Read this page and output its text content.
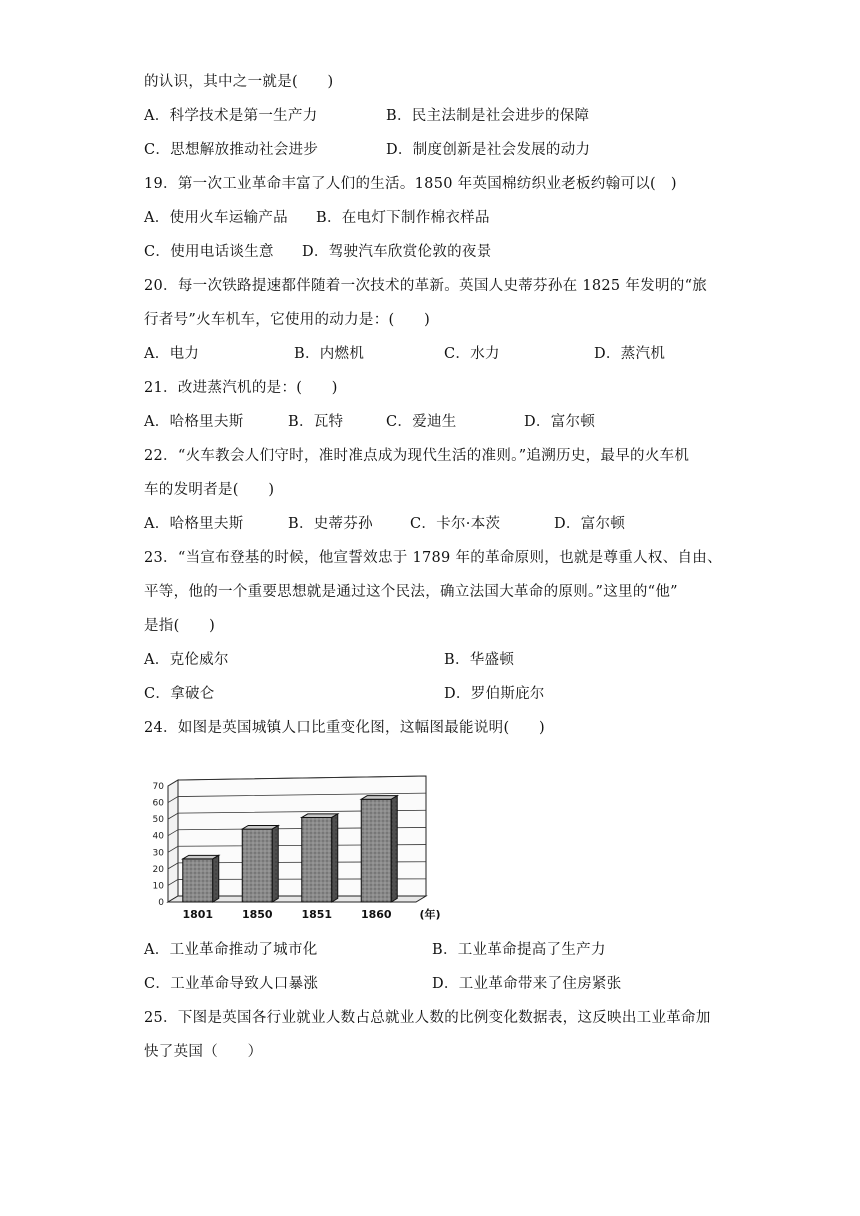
的认识，其中之一就是(　　)
A．科学技术是第一生产力	B．民主法制是社会进步的保障
C．思想解放推动社会进步	D．制度创新是社会发展的动力
19．第一次工业革命丰富了人们的生活。1850 年英国棉纺织业老板约翰可以(　)
A．使用火车运输产品 B．在电灯下制作棉衣样品
C．使用电话谈生意 D．驾驶汽车欣赏伦敦的夜景
20．每一次铁路提速都伴随着一次技术的革新。英国人史蒂芬孙在 1825 年发明的“旅
行者号”火车机车，它使用的动力是：(　　)
A．电力	B．内燃机	C．水力	D．蒸汽机
21．改进蒸汽机的是：(　　)
A．哈格里夫斯	B．瓦特	C．爱迪生	D．富尔顿
22．“火车教会人们守时，准时准点成为现代生活的准则。”追溯历史，最早的火车机
车的发明者是(　　)
A．哈格里夫斯	B．史蒂芬孙	C．卡尔·本茨	D．富尔顿
23．“当宣布登基的时候，他宣誓效忠于 1789 年的革命原则，也就是尊重人权、自由、
平等，他的一个重要思想就是通过这个民法，确立法国大革命的原则。”这里的“他”
是指(　　)
A．克伦威尔	B．华盛顿
C．拿破仑	D．罗伯斯庇尔
24．如图是英国城镇人口比重变化图，这幅图最能说明(　　)
0
10
20
30
40
50
60
70
1801	1850	1851	1860	(年)
A．工业革命推动了城市化	B．工业革命提高了生产力
C．工业革命导致人口暴涨	D．工业革命带来了住房紧张
25．下图是英国各行业就业人数占总就业人数的比例变化数据表，这反映出工业革命加
快了英国（　　）
